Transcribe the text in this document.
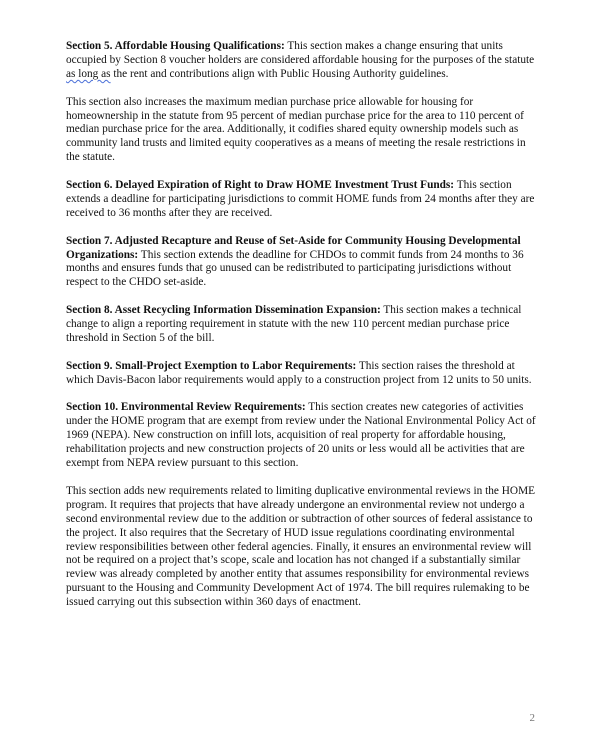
Section 5. Affordable Housing Qualifications: This section makes a change ensuring that units occupied by Section 8 voucher holders are considered affordable housing for the purposes of the statute as long as the rent and contributions align with Public Housing Authority guidelines.

This section also increases the maximum median purchase price allowable for housing for homeownership in the statute from 95 percent of median purchase price for the area to 110 percent of median purchase price for the area. Additionally, it codifies shared equity ownership models such as community land trusts and limited equity cooperatives as a means of meeting the resale restrictions in the statute.

Section 6. Delayed Expiration of Right to Draw HOME Investment Trust Funds: This section extends a deadline for participating jurisdictions to commit HOME funds from 24 months after they are received to 36 months after they are received.

Section 7. Adjusted Recapture and Reuse of Set-Aside for Community Housing Developmental Organizations: This section extends the deadline for CHDOs to commit funds from 24 months to 36 months and ensures funds that go unused can be redistributed to participating jurisdictions without respect to the CHDO set-aside.

Section 8. Asset Recycling Information Dissemination Expansion: This section makes a technical change to align a reporting requirement in statute with the new 110 percent median purchase price threshold in Section 5 of the bill.

Section 9. Small-Project Exemption to Labor Requirements: This section raises the threshold at which Davis-Bacon labor requirements would apply to a construction project from 12 units to 50 units.

Section 10. Environmental Review Requirements: This section creates new categories of activities under the HOME program that are exempt from review under the National Environmental Policy Act of 1969 (NEPA). New construction on infill lots, acquisition of real property for affordable housing, rehabilitation projects and new construction projects of 20 units or less would all be activities that are exempt from NEPA review pursuant to this section.

This section adds new requirements related to limiting duplicative environmental reviews in the HOME program. It requires that projects that have already undergone an environmental review not undergo a second environmental review due to the addition or subtraction of other sources of federal assistance to the project. It also requires that the Secretary of HUD issue regulations coordinating environmental review responsibilities between other federal agencies. Finally, it ensures an environmental review will not be required on a project that’s scope, scale and location has not changed if a substantially similar review was already completed by another entity that assumes responsibility for environmental reviews pursuant to the Housing and Community Development Act of 1974. The bill requires rulemaking to be issued carrying out this subsection within 360 days of enactment.

2
